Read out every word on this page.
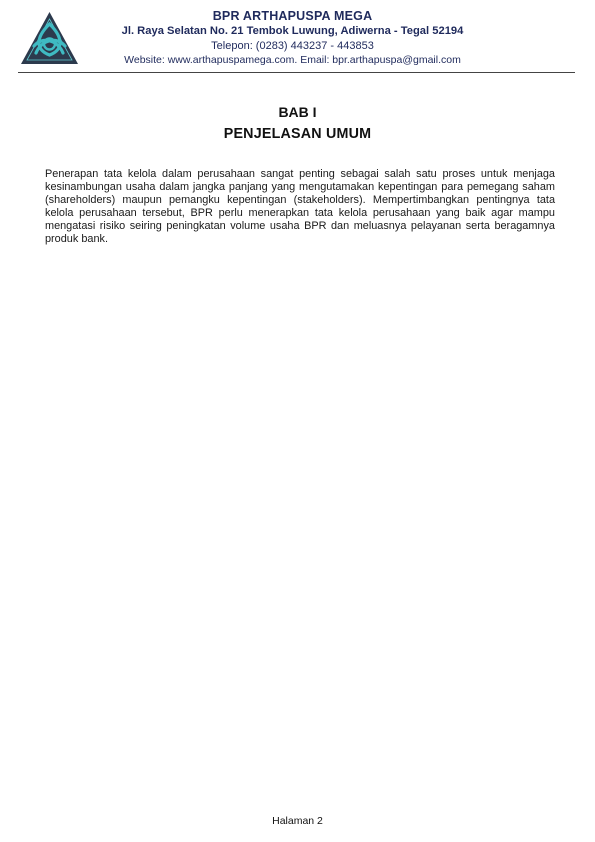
BPR ARTHAPUSPA MEGA
Jl. Raya Selatan No. 21 Tembok Luwung, Adiwerna - Tegal 52194
Telepon: (0283) 443237 - 443853
Website: www.arthapuspamega.com. Email: bpr.arthapuspa@gmail.com
BAB I
PENJELASAN UMUM
Penerapan tata kelola dalam perusahaan sangat penting sebagai salah satu proses untuk menjaga kesinambungan usaha dalam jangka panjang yang mengutamakan kepentingan para pemegang saham (shareholders) maupun pemangku kepentingan (stakeholders). Mempertimbangkan pentingnya tata kelola perusahaan tersebut, BPR perlu menerapkan tata kelola perusahaan yang baik agar mampu mengatasi risiko seiring peningkatan volume usaha BPR dan meluasnya pelayanan serta beragamnya produk bank.
Halaman 2
